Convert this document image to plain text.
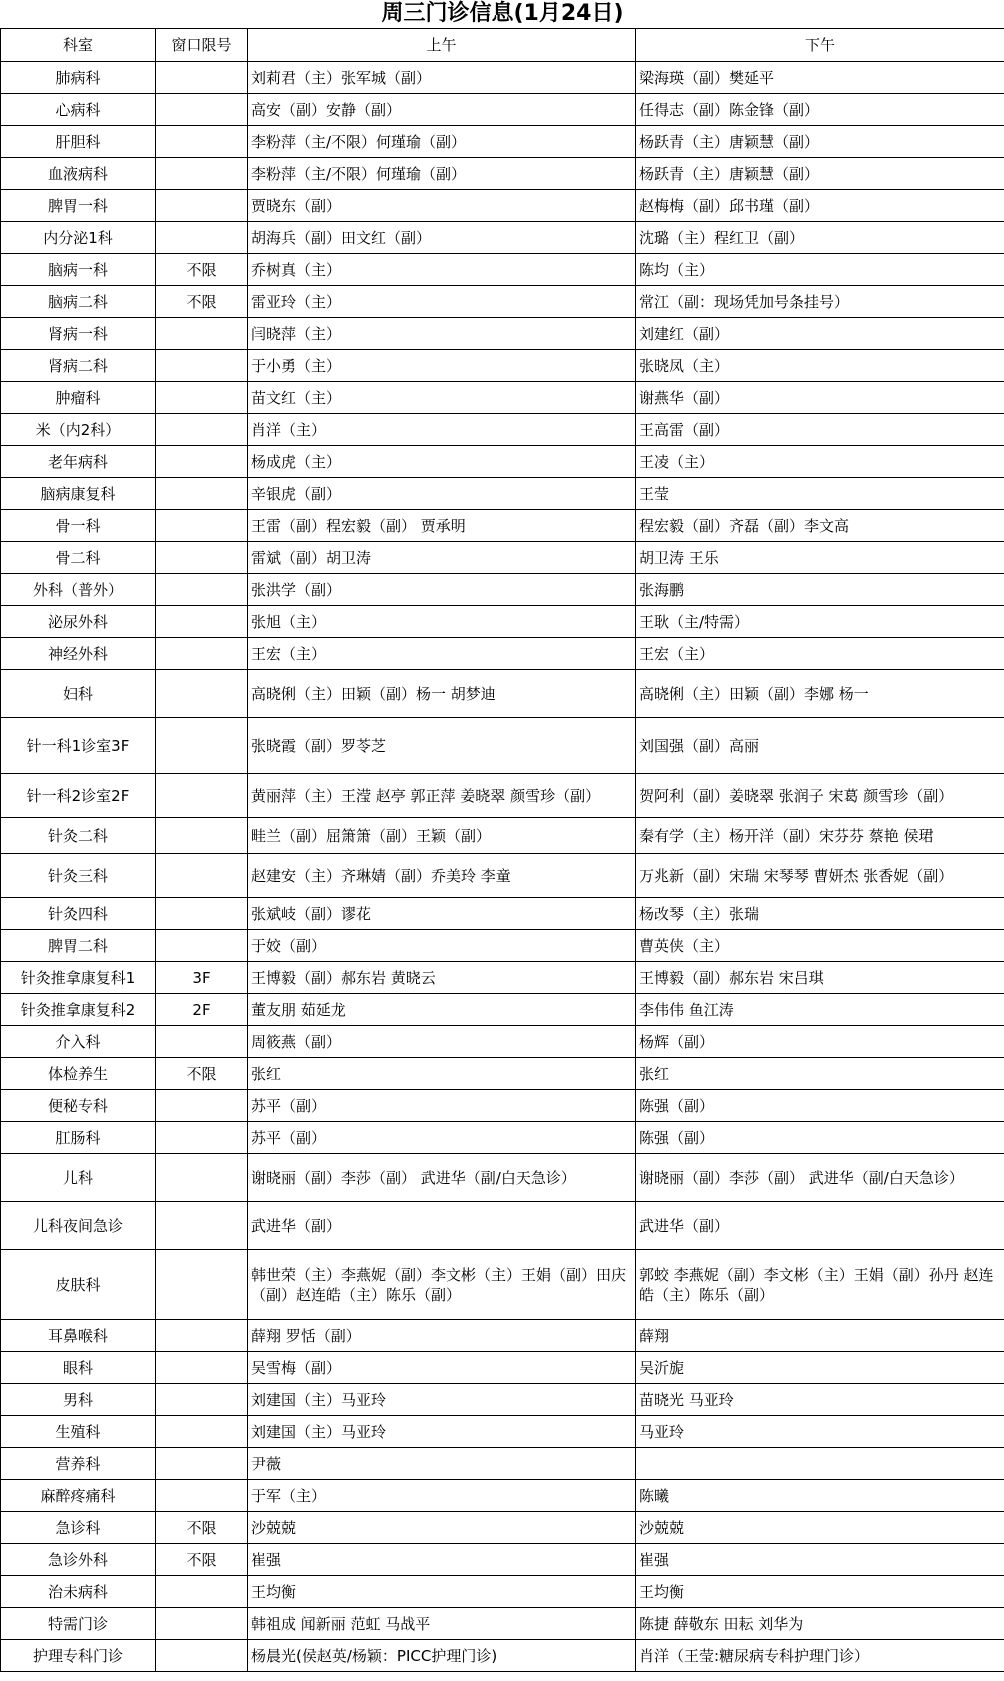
周三门诊信息(1月24日)			
科室	窗口限号	上午	下午
肺病科		刘莉君（主）张军城（副）	梁海瑛（副）樊延平
心病科		高安（副）安静（副）	任得志（副）陈金锋（副）
肝胆科		李粉萍（主/不限）何瑾瑜（副）	杨跃青（主）唐颖慧（副）
血液病科		李粉萍（主/不限）何瑾瑜（副）	杨跃青（主）唐颖慧（副）
脾胃一科		贾晓东（副）	赵梅梅（副）邱书瑾（副）
内分泌1科		胡海兵（副）田文红（副）	沈璐（主）程红卫（副）
脑病一科	不限	乔树真（主）	陈均（主）
脑病二科	不限	雷亚玲（主）	常江（副：现场凭加号条挂号）
肾病一科		闫晓萍（主）	刘建红（副）
肾病二科		于小勇（主）	张晓凤（主）
肿瘤科		苗文红（主）	谢燕华（副）
米（内2科）		肖洋（主）	王高雷（副）
老年病科		杨成虎（主）	王凌（主）
脑病康复科		辛银虎（副）	王莹
骨一科		王雷（副）程宏毅（副） 贾承明	程宏毅（副）齐磊（副）李文高
骨二科		雷斌（副）胡卫涛	胡卫涛 王乐
外科（普外）		张洪学（副）	张海鹏
泌尿外科		张旭（主）	王耿（主/特需）
神经外科		王宏（主）	王宏（主）
妇科		高晓俐（主）田颖（副）杨一 胡梦迪	高晓俐（主）田颖（副）李娜 杨一
针一科1诊室3F		张晓霞（副）罗苓芝	刘国强（副）高丽
针一科2诊室2F		黄丽萍（主）王滢 赵亭 郭正萍 姜晓翠 颜雪珍（副）	贺阿利（副）姜晓翠 张润子 宋葛 颜雪珍（副）
针灸二科		畦兰（副）屈箫箫（副）王颖（副）	秦有学（主）杨开洋（副）宋芬芬 蔡艳 侯珺
针灸三科		赵建安（主）齐琳婧（副）乔美玲 李童	万兆新（副）宋瑞 宋琴琴 曹妍杰 张香妮（副）
针灸四科		张斌岐（副）谬花	杨改琴（主）张瑞
脾胃二科		于姣（副）	曹英侠（主）
针灸推拿康复科1	3F	王博毅（副）郝东岩 黄晓云	王博毅（副）郝东岩 宋吕琪
针灸推拿康复科2	2F	董友朋 茹延龙	李伟伟 鱼江涛
介入科		周筱燕（副）	杨辉（副）
体检养生	不限	张红	张红
便秘专科		苏平（副）	陈强（副）
肛肠科		苏平（副）	陈强（副）
儿科		谢晓丽（副）李莎（副） 武进华（副/白天急诊）	谢晓丽（副）李莎（副） 武进华（副/白天急诊）
儿科夜间急诊		武进华（副）	武进华（副）
皮肤科		韩世荣（主）李燕妮（副）李文彬（主）王娟（副）田庆（副）赵连皓（主）陈乐（副）	郭蛟 李燕妮（副）李文彬（主）王娟（副）孙丹 赵连皓（主）陈乐（副）
耳鼻喉科		薛翔 罗恬（副）	薛翔
眼科		吴雪梅（副）	吴沂旎
男科		刘建国（主）马亚玲	苗晓光 马亚玲
生殖科		刘建国（主）马亚玲	马亚玲
营养科		尹薇	
麻醉疼痛科		于军（主）	陈曦
急诊科	不限	沙兢兢	沙兢兢
急诊外科	不限	崔强	崔强
治未病科		王均衡	王均衡
特需门诊		韩祖成 闻新丽 范虹 马战平	陈捷 薛敬东 田耘 刘华为
护理专科门诊		杨晨光(侯赵英/杨颖：PICC护理门诊)	肖洋（王莹:糖尿病专科护理门诊）
